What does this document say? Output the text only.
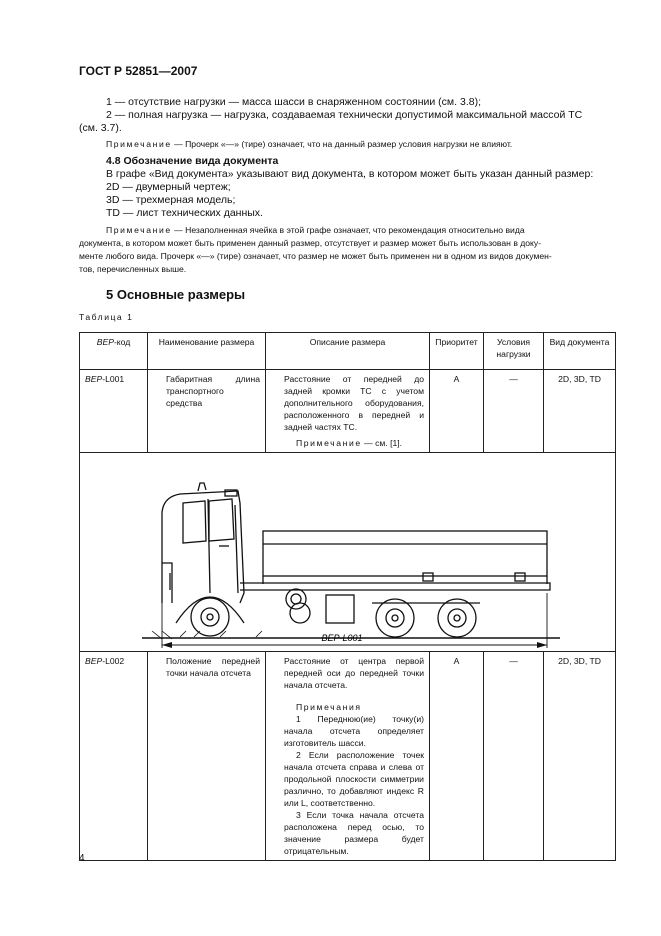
ГОСТ Р 52851—2007
1 — отсутствие нагрузки — масса шасси в снаряженном состоянии (см. 3.8);
2 — полная нагрузка — нагрузка, создаваемая технически допустимой максимальной массой ТС
(см. 3.7).
Примечание — Прочерк «—» (тире) означает, что на данный размер условия нагрузки не влияют.
4.8 Обозначение вида документа
В графе «Вид документа» указывают вид документа, в котором может быть указан данный размер:
2D — двумерный чертеж;
3D — трехмерная модель;
TD — лист технических данных.
Примечание — Незаполненная ячейка в этой графе означает, что рекомендация относительно вида
документа, в котором может быть применен данный размер, отсутствует и размер может быть использован в доку-
менте любого вида. Прочерк «—» (тире) означает, что размер не может быть применен ни в одном из видов докумен-
тов, перечисленных выше.
5 Основные размеры
Таблица 1
ВЕР-код	Наименование размера	Описание размера	Приоритет	Условия нагрузки	Вид документа
ВЕР-L001	Габаритная длина транспортного средства	Расстояние от передней до задней кромки ТС с учетом дополнительного оборудования, расположенного в передней и задней частях ТС.
Примечание — см. [1].	A	—	2D, 3D, TD

ВЕР-L001					

ВЕР-L002	Положение передней точки начала отсчета	Расстояние от центра первой передней оси до передней точки начала отсчета.
Примечания
1 Переднюю(ие) точку(и) начала отсчета определяет изготовитель шасси.
2 Если расположение точек начала отсчета справа и слева от продольной плоскости симметрии различно, то добавляют индекс R или L, соответственно.
3 Если точка начала отсчета расположена перед осью, то значение размера будет отрицательным.	A	—	2D, 3D, TD
4
